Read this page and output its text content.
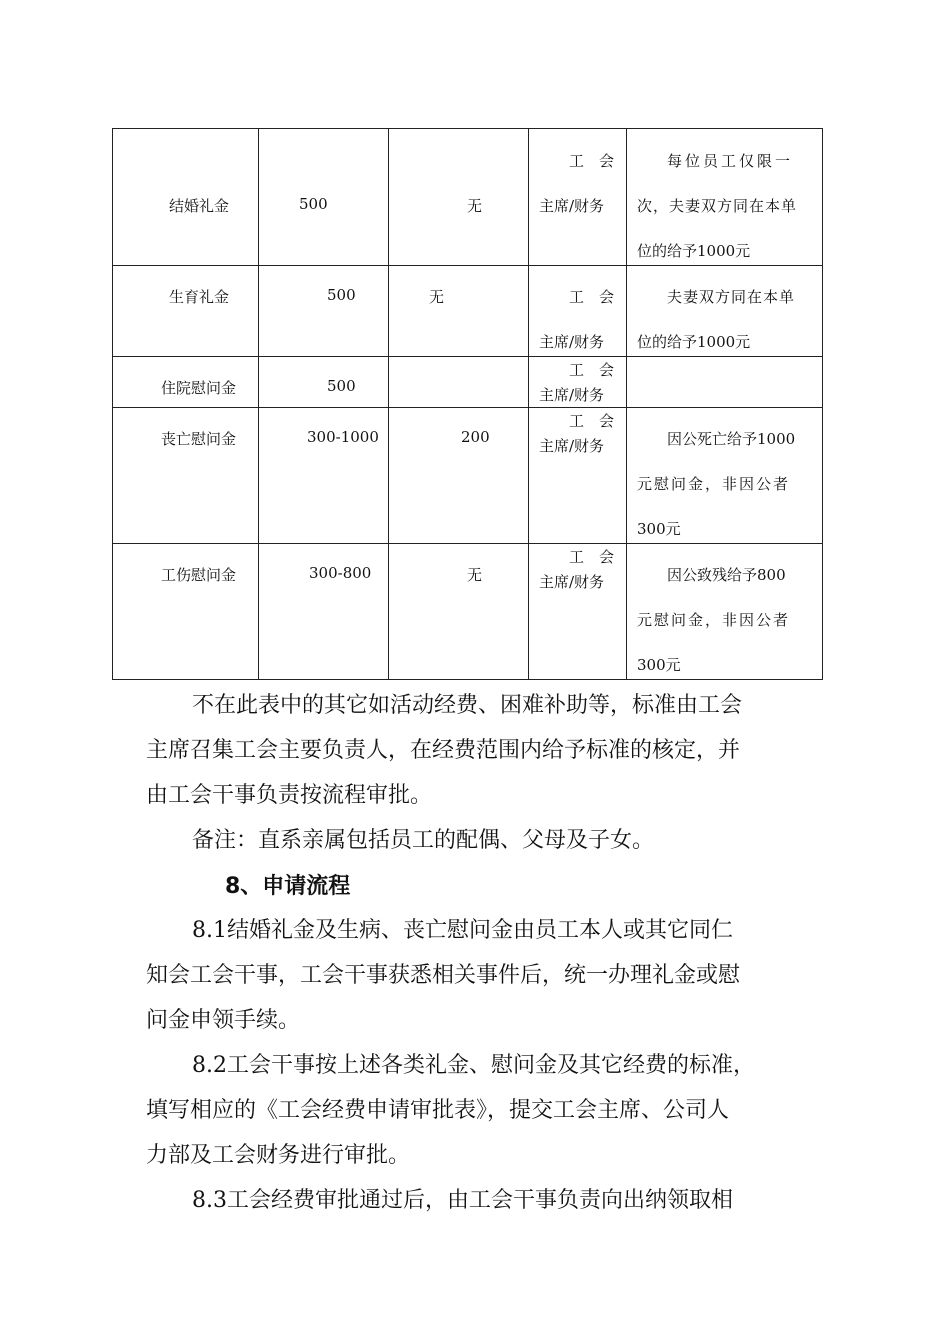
结婚礼金	500	无	工　会
主席/财务	每位员工仅限一
次，夫妻双方同在本单
位的给予1000元

生育礼金	500	无	工　会
主席/财务	夫妻双方同在本单
位的给予1000元

住院慰问金	500		工　会
主席/财务	

丧亡慰问金	300-1000	200	工　会
主席/财务	因公死亡给予1000
元慰问金，非因公者
300元

工伤慰问金	300-800	无	工　会
主席/财务	因公致残给予800
元慰问金，非因公者
300元
不在此表中的其它如活动经费、困难补助等，标准由工会
主席召集工会主要负责人，在经费范围内给予标准的核定，并
由工会干事负责按流程审批。
备注：直系亲属包括员工的配偶、父母及子女。
8、申请流程
8.1结婚礼金及生病、丧亡慰问金由员工本人或其它同仁
知会工会干事，工会干事获悉相关事件后，统一办理礼金或慰
问金申领手续。
8.2工会干事按上述各类礼金、慰问金及其它经费的标准，
填写相应的《工会经费申请审批表》，提交工会主席、公司人
力部及工会财务进行审批。
8.3工会经费审批通过后，由工会干事负责向出纳领取相
